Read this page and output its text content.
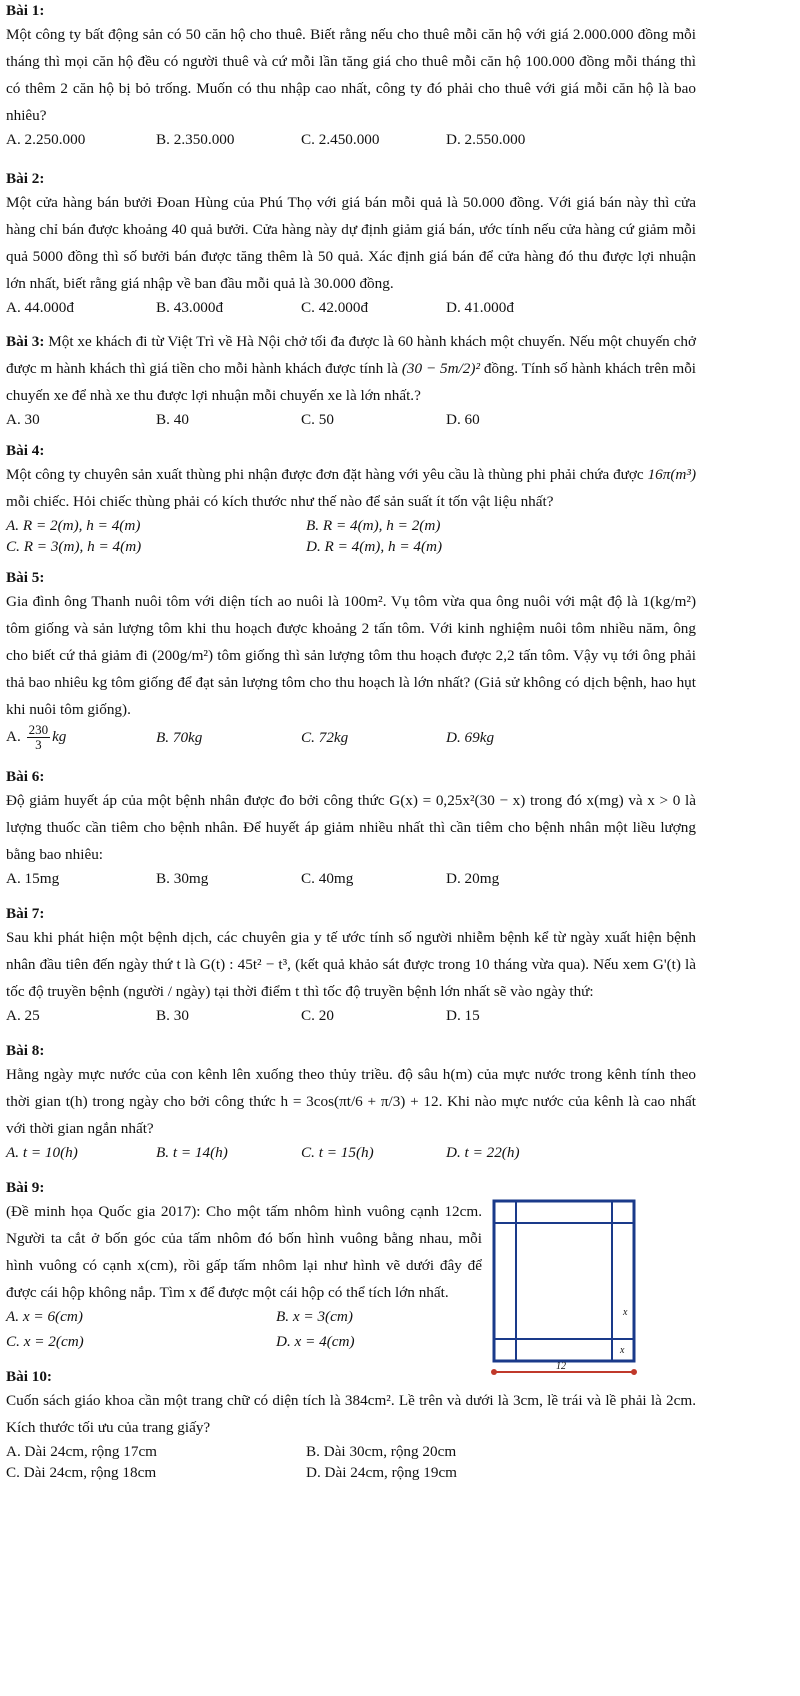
Bài 1:

Một công ty bất động sản có 50 căn hộ cho thuê. Biết rằng nếu cho thuê mỗi căn hộ với giá 2.000.000 đồng mỗi tháng thì mọi căn hộ đều có người thuê và cứ mỗi lần tăng giá cho thuê mỗi căn hộ 100.000 đồng mỗi tháng thì có thêm 2 căn hộ bị bỏ trống. Muốn có thu nhập cao nhất, công ty đó phải cho thuê với giá mỗi căn hộ là bao nhiêu?

A. 2.250.000	B. 2.350.000	C. 2.450.000	D. 2.550.000

Bài 2:

Một cửa hàng bán bưởi Đoan Hùng của Phú Thọ với giá bán mỗi quả là 50.000 đồng. Với giá bán này thì cửa hàng chỉ bán được khoảng 40 quả bưởi. Cửa hàng này dự định giảm giá bán, ước tính nếu cửa hàng cứ giảm mỗi quả 5000 đồng thì số bưởi bán được tăng thêm là 50 quả. Xác định giá bán để cửa hàng đó thu được lợi nhuận lớn nhất, biết rằng giá nhập về ban đầu mỗi quả là 30.000 đồng.

A. 44.000đ	B. 43.000đ	C. 42.000đ	D. 41.000đ

Bài 3: Một xe khách đi từ Việt Trì về Hà Nội chở tối đa được là 60 hành khách một chuyến. Nếu một chuyến chở được m hành khách thì giá tiền cho mỗi hành khách được tính là (30 − 5m/2)² đồng. Tính số hành khách trên mỗi chuyến xe để nhà xe thu được lợi nhuận mỗi chuyến xe là lớn nhất.?

A. 30	B. 40	C. 50	D. 60

Bài 4:

Một công ty chuyên sản xuất thùng phi nhận được đơn đặt hàng với yêu cầu là thùng phi phải chứa được 16π(m³) mỗi chiếc. Hỏi chiếc thùng phải có kích thước như thế nào để sản suất ít tốn vật liệu nhất?

A. R = 2(m), h = 4(m)	B. R = 4(m), h = 2(m)
C. R = 3(m), h = 4(m)	D. R = 4(m), h = 4(m)

Bài 5:

Gia đình ông Thanh nuôi tôm với diện tích ao nuôi là 100m². Vụ tôm vừa qua ông nuôi với mật độ là 1(kg/m²) tôm giống và sản lượng tôm khi thu hoạch được khoảng 2 tấn tôm. Với kinh nghiệm nuôi tôm nhiều năm, ông cho biết cứ thả giảm đi (200g/m²) tôm giống thì sản lượng tôm thu hoạch được 2,2 tấn tôm. Vậy vụ tới ông phải thả bao nhiêu kg tôm giống để đạt sản lượng tôm cho thu hoạch là lớn nhất? (Giả sử không có dịch bệnh, hao hụt khi nuôi tôm giống).

A. $\frac{230}{3}$ kg	B. 70kg	C. 72kg	D. 69kg

Bài 6:

Độ giảm huyết áp của một bệnh nhân được đo bởi công thức G(x) = 0,25x²(30 − x) trong đó x(mg) và x > 0 là lượng thuốc cần tiêm cho bệnh nhân. Để huyết áp giảm nhiều nhất thì cần tiêm cho bệnh nhân một liều lượng bằng bao nhiêu:

A. 15mg	B. 30mg	C. 40mg	D. 20mg

Bài 7:

Sau khi phát hiện một bệnh dịch, các chuyên gia y tế ước tính số người nhiễm bệnh kể từ ngày xuất hiện bệnh nhân đầu tiên đến ngày thứ t là G(t) : 45t² − t³, (kết quả khảo sát được trong 10 tháng vừa qua). Nếu xem G'(t) là tốc độ truyền bệnh (người / ngày) tại thời điểm t thì tốc độ truyền bệnh lớn nhất sẽ vào ngày thứ:

A. 25	B. 30	C. 20	D. 15

Bài 8:

Hằng ngày mực nước của con kênh lên xuống theo thủy triều. độ sâu h(m) của mực nước trong kênh tính theo thời gian t(h) trong ngày cho bởi công thức h = 3cos(πt/6 + π/3) + 12. Khi nào mực nước của kênh là cao nhất với thời gian ngắn nhất?

A. t = 10(h)	B. t = 14(h)	C. t = 15(h)	D. t = 22(h)

Bài 9:

(Đề minh họa Quốc gia 2017): Cho một tấm nhôm hình vuông cạnh 12cm. Người ta cắt ở bốn góc của tấm nhôm đó bốn hình vuông bằng nhau, mỗi hình vuông có cạnh x(cm), rồi gấp tấm nhôm lại như hình vẽ dưới đây để được cái hộp không nắp. Tìm x để được một cái hộp có thể tích lớn nhất.

A. x = 6(cm)	B. x = 3(cm)
C. x = 2(cm)	D. x = 4(cm)
x
x
12

Bài 10:

Cuốn sách giáo khoa cần một trang chữ có diện tích là 384cm². Lề trên và dưới là 3cm, lề trái và lề phải là 2cm. Kích thước tối ưu của trang giấy?

A. Dài 24cm, rộng 17cm	B. Dài 30cm, rộng 20cm
C. Dài 24cm, rộng 18cm	D. Dài 24cm, rộng 19cm
